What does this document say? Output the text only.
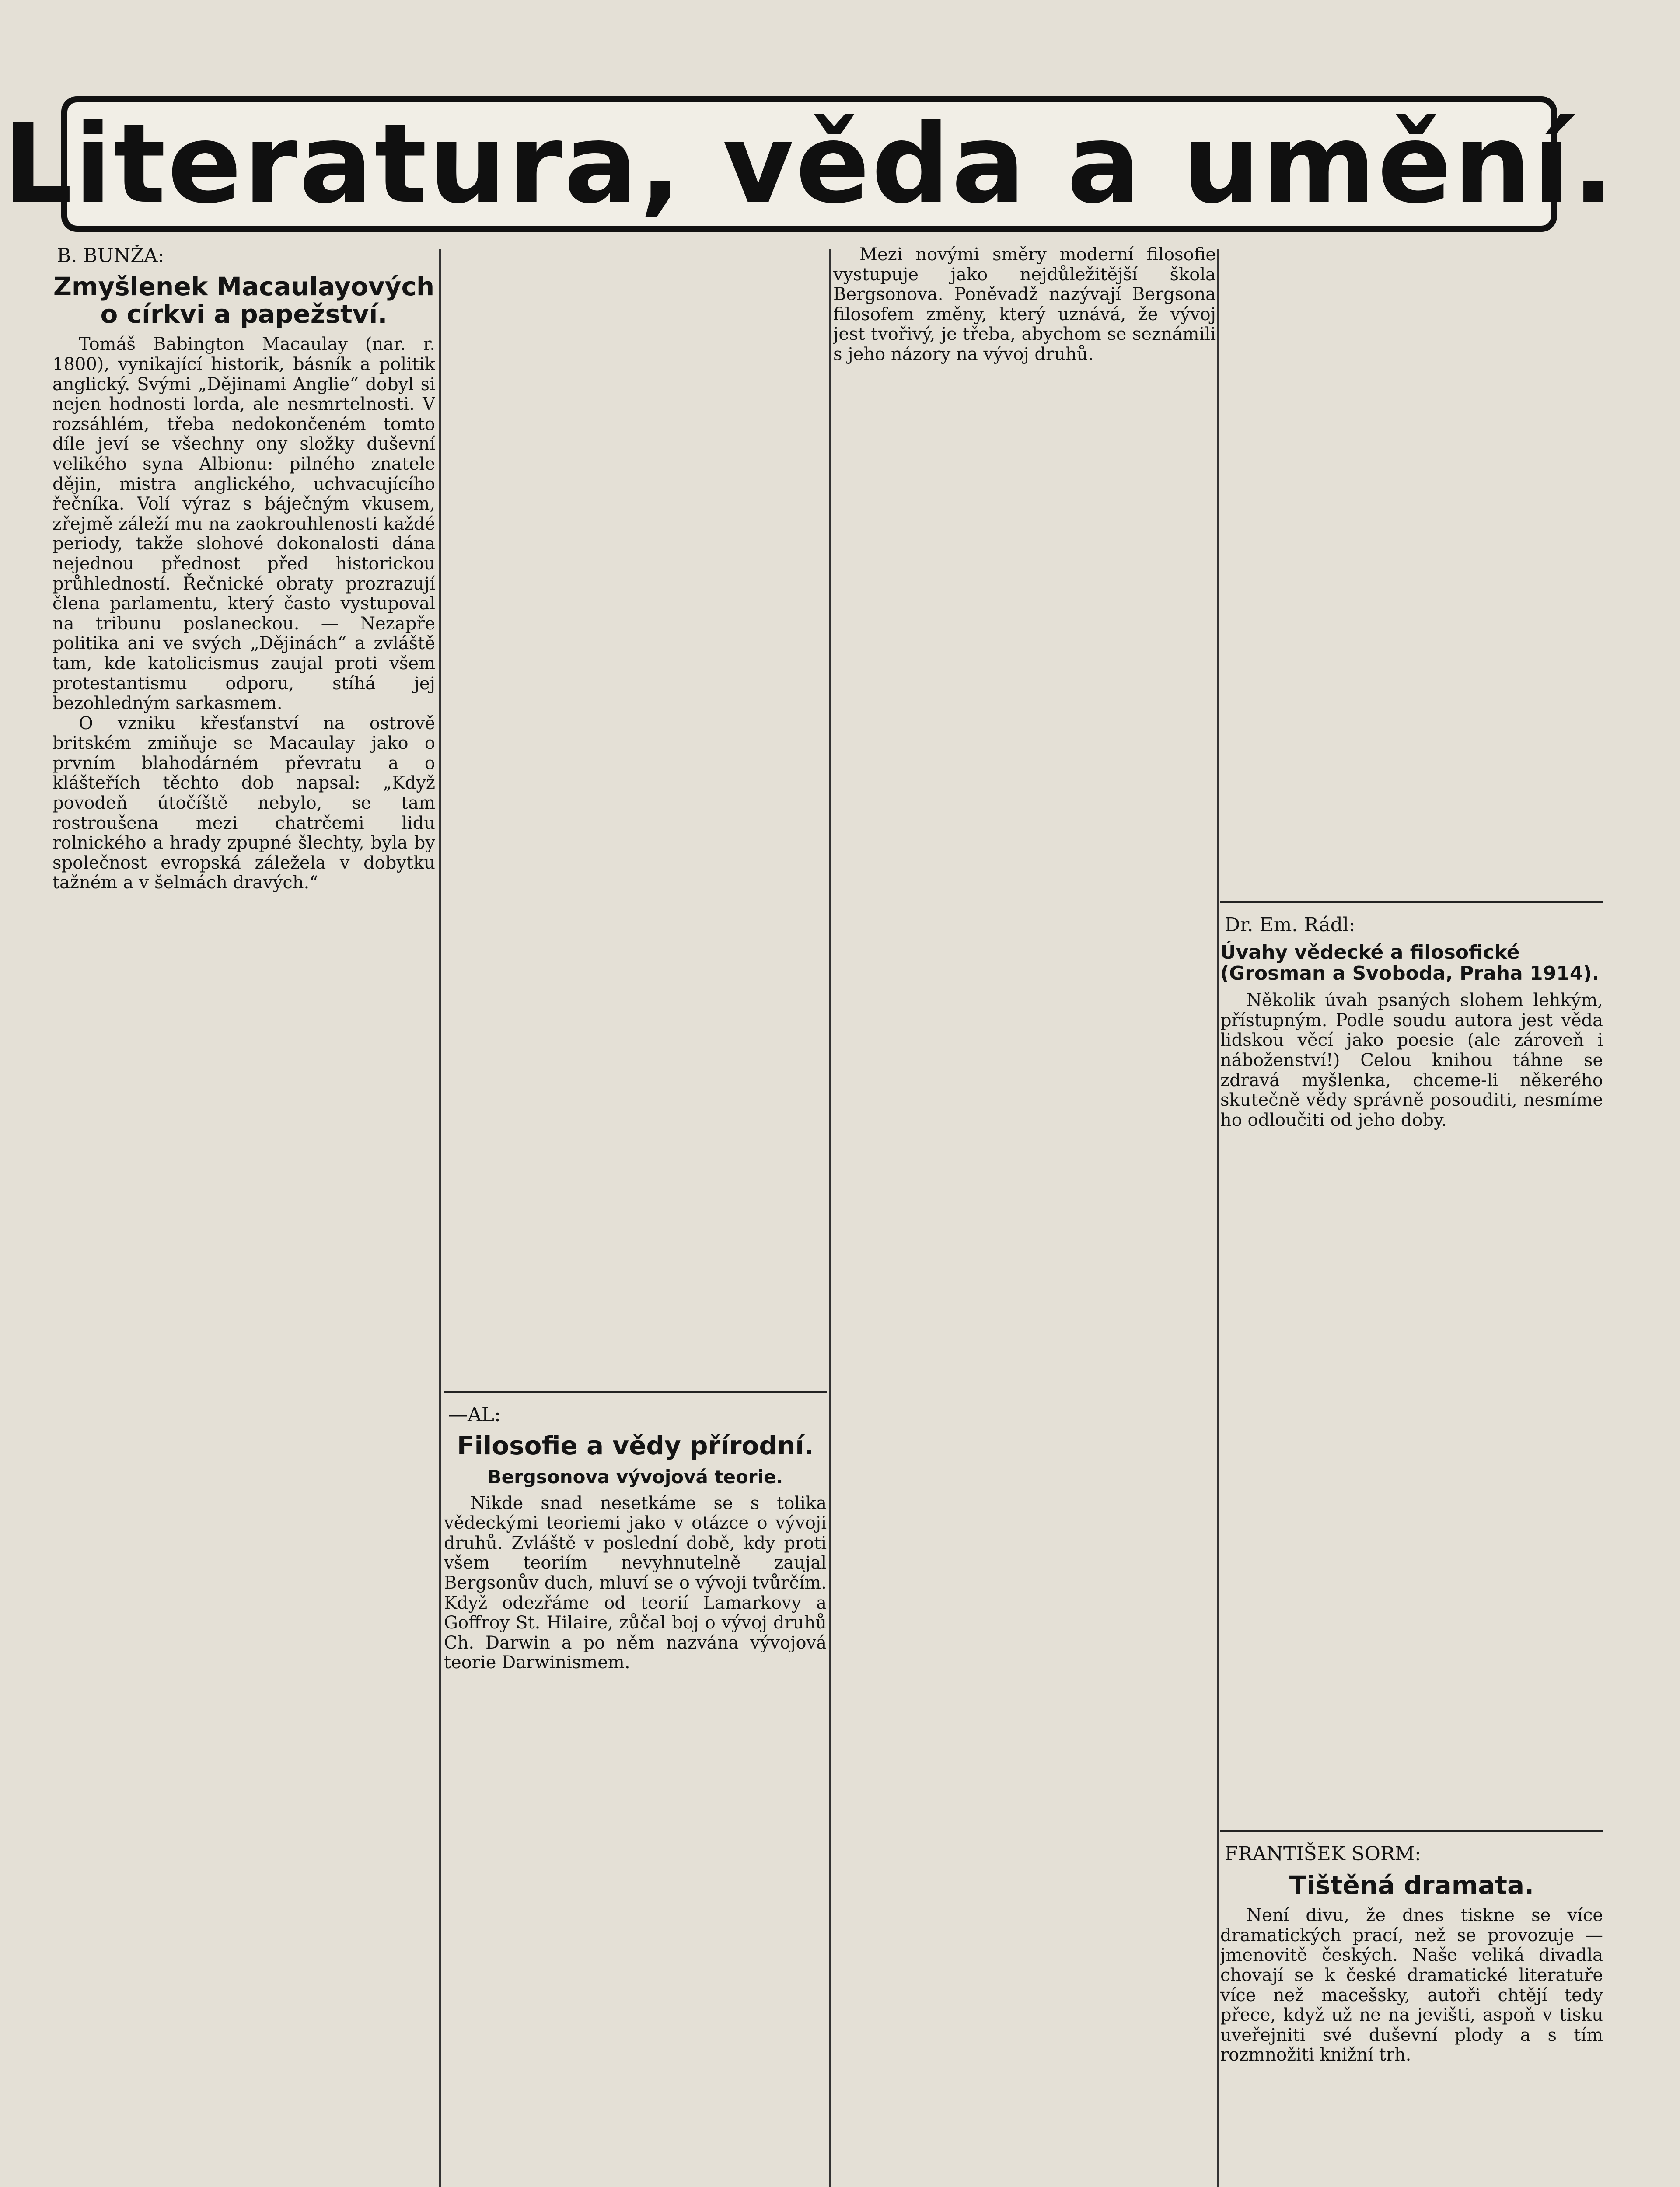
Literatura, věda a umění.
B. BUNŽA:
Zmyšlenek Macaulayových o církvi a papežství.

Tomáš Babington Macaulay (nar. r. 1800), vynikající historik, básník a politik anglický. Svými „Dějinami Anglie“ dobyl si nejen hodnosti lorda, ale nesmrtelnosti. V rozsáhlém, třeba nedokončeném tomto díle jeví se všechny ony složky duševní velikého syna Albionu: pilného znatele dějin, mistra anglického, uchvacujícího řečníka. Volí výraz s báječným vkusem, zřejmě záleží mu na zaokrouhlenosti každé periody, takže slohové dokonalosti dána nejednou přednost před historickou průhledností. Řečnické obraty prozrazují člena parlamentu, který často vystupoval na tribunu poslaneckou. — Nezapře politika ani ve svých „Dějinách“ a zvláště tam, kde katolicismus zaujal proti všem protestantismu odporu, stíhá jej bezohledným sarkasmem.

O vzniku křesťanství na ostrově britském zmiňuje se Macaulay jako o prvním blahodárném převratu a o klášteřích těchto dob napsal: „Když povodeň útočíště nebylo, se tam rostroušena mezi chatrčemi lidu rolnického a hrady zpupné šlechty, byla by společnost evropská záležela v dobytku tažném a v šelmách dravých.“

—AL:
Filosofie a vědy přírodní.
Bergsonova vývojová teorie.

Nikde snad nesetkáme se s tolika vědeckými teoriemi jako v otázce o vývoji druhů. Zvláště v poslední době, kdy proti všem teoriím nevyhnutelně zaujal Bergsonův duch, mluví se o vývoji tvůrčím. Když odezřáme od teorií Lamarkovy a Goffroy St. Hilaire, zůčal boj o vývoj druhů Ch. Darwin a po něm nazvána vývojová teorie Darwinismem.

Mezi novými směry moderní filosofie vystupuje jako nejdůležitější škola Bergsonova. Poněvadž nazývají Bergsona filosofem změny, který uznává, že vývoj jest tvořivý, je třeba, abychom se seznámili s jeho názory na vývoj druhů.

Dr. Em. Rádl:
Úvahy vědecké a filosofické (Grosman a Svoboda, Praha 1914).

Několik úvah psaných slohem lehkým, přístupným. Podle soudu autora jest věda lidskou věcí jako poesie (ale zároveň i náboženství!) Celou knihou táhne se zdravá myšlenka, chceme-li někerého skutečně vědy správně posouditi, nesmíme ho odloučiti od jeho doby.

FRANTIŠEK SORM:
Tištěná dramata.

Není divu, že dnes tiskne se více dramatických prací, než se provozuje — jmenovitě českých. Naše veliká divadla chovají se k české dramatické literatuře více než macešsky, autoři chtějí tedy přece, když už ne na jevišti, aspoň v tisku uveřejniti své duševní plody a s tím rozmnožiti knižní trh.
